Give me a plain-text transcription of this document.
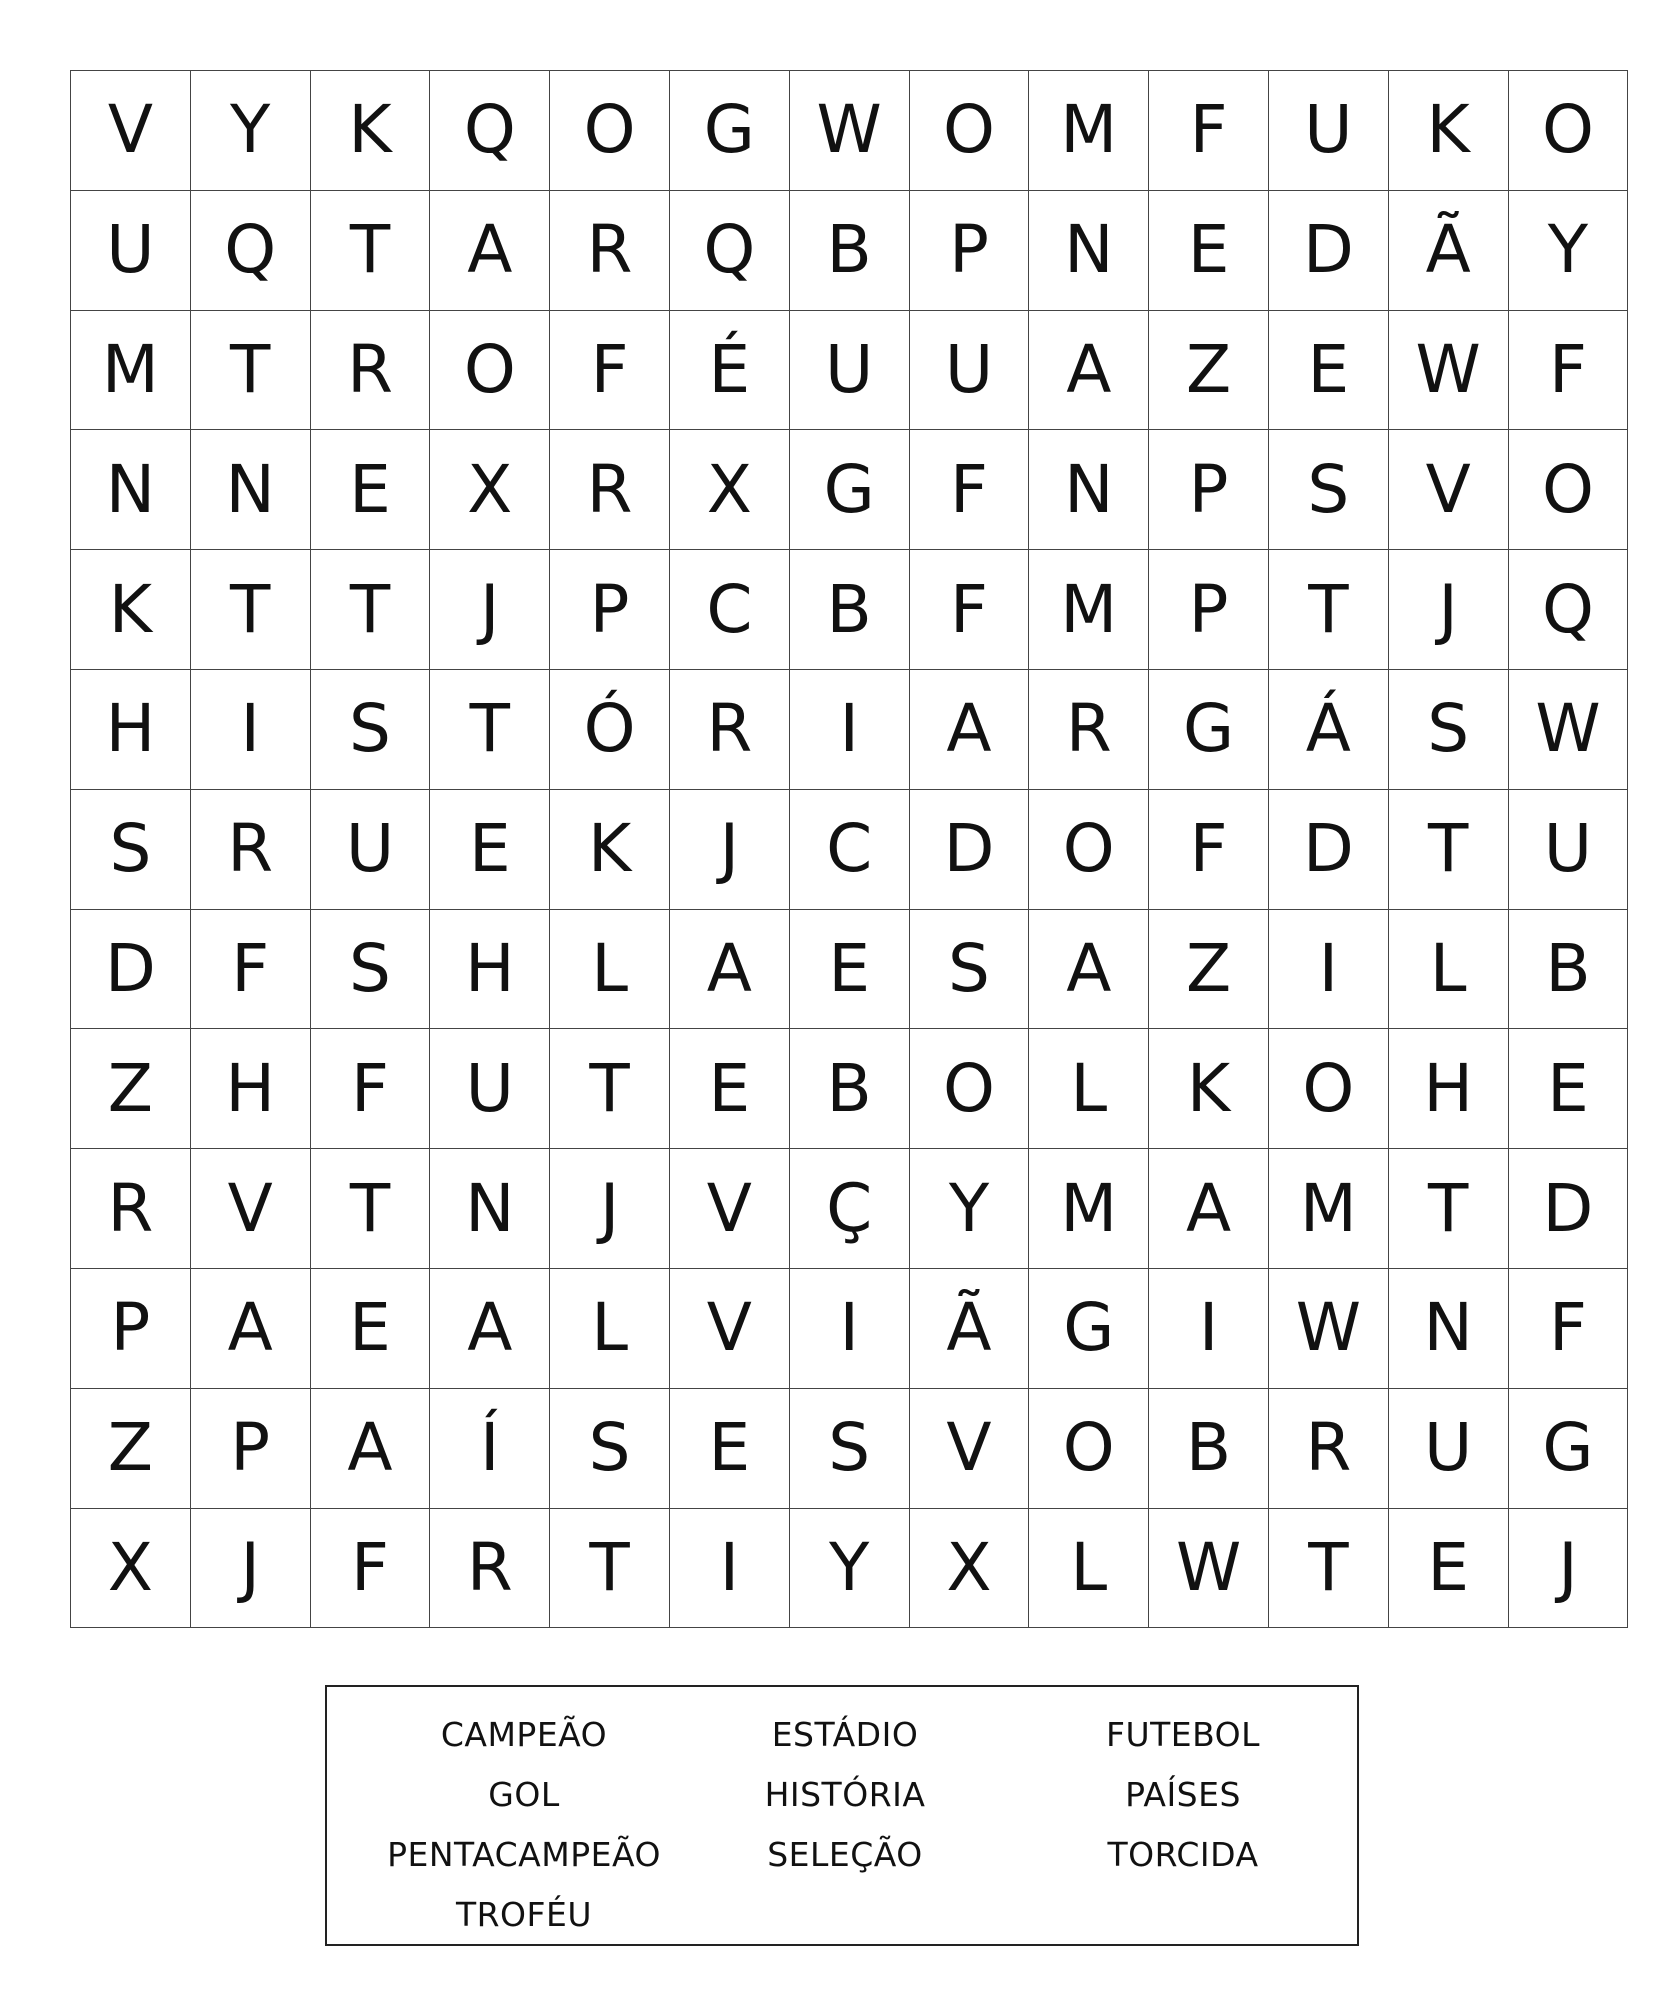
V	Y	K	Q	O	G	W	O	M	F	U	K	O
U	Q	T	A	R	Q	B	P	N	E	D	Ã	Y
M	T	R	O	F	É	U	U	A	Z	E	W	F
N	N	E	X	R	X	G	F	N	P	S	V	O
K	T	T	J	P	C	B	F	M	P	T	J	Q
H	I	S	T	Ó	R	I	A	R	G	Á	S	W
S	R	U	E	K	J	C	D	O	F	D	T	U
D	F	S	H	L	A	E	S	A	Z	I	L	B
Z	H	F	U	T	E	B	O	L	K	O	H	E
R	V	T	N	J	V	Ç	Y	M	A	M	T	D
P	A	E	A	L	V	I	Ã	G	I	W	N	F
Z	P	A	Í	S	E	S	V	O	B	R	U	G
X	J	F	R	T	I	Y	X	L	W	T	E	J
CAMPEÃO
GOL
PENTACAMPEÃO
TROFÉU
ESTÁDIO
HISTÓRIA
SELEÇÃO
FUTEBOL
PAÍSES
TORCIDA
